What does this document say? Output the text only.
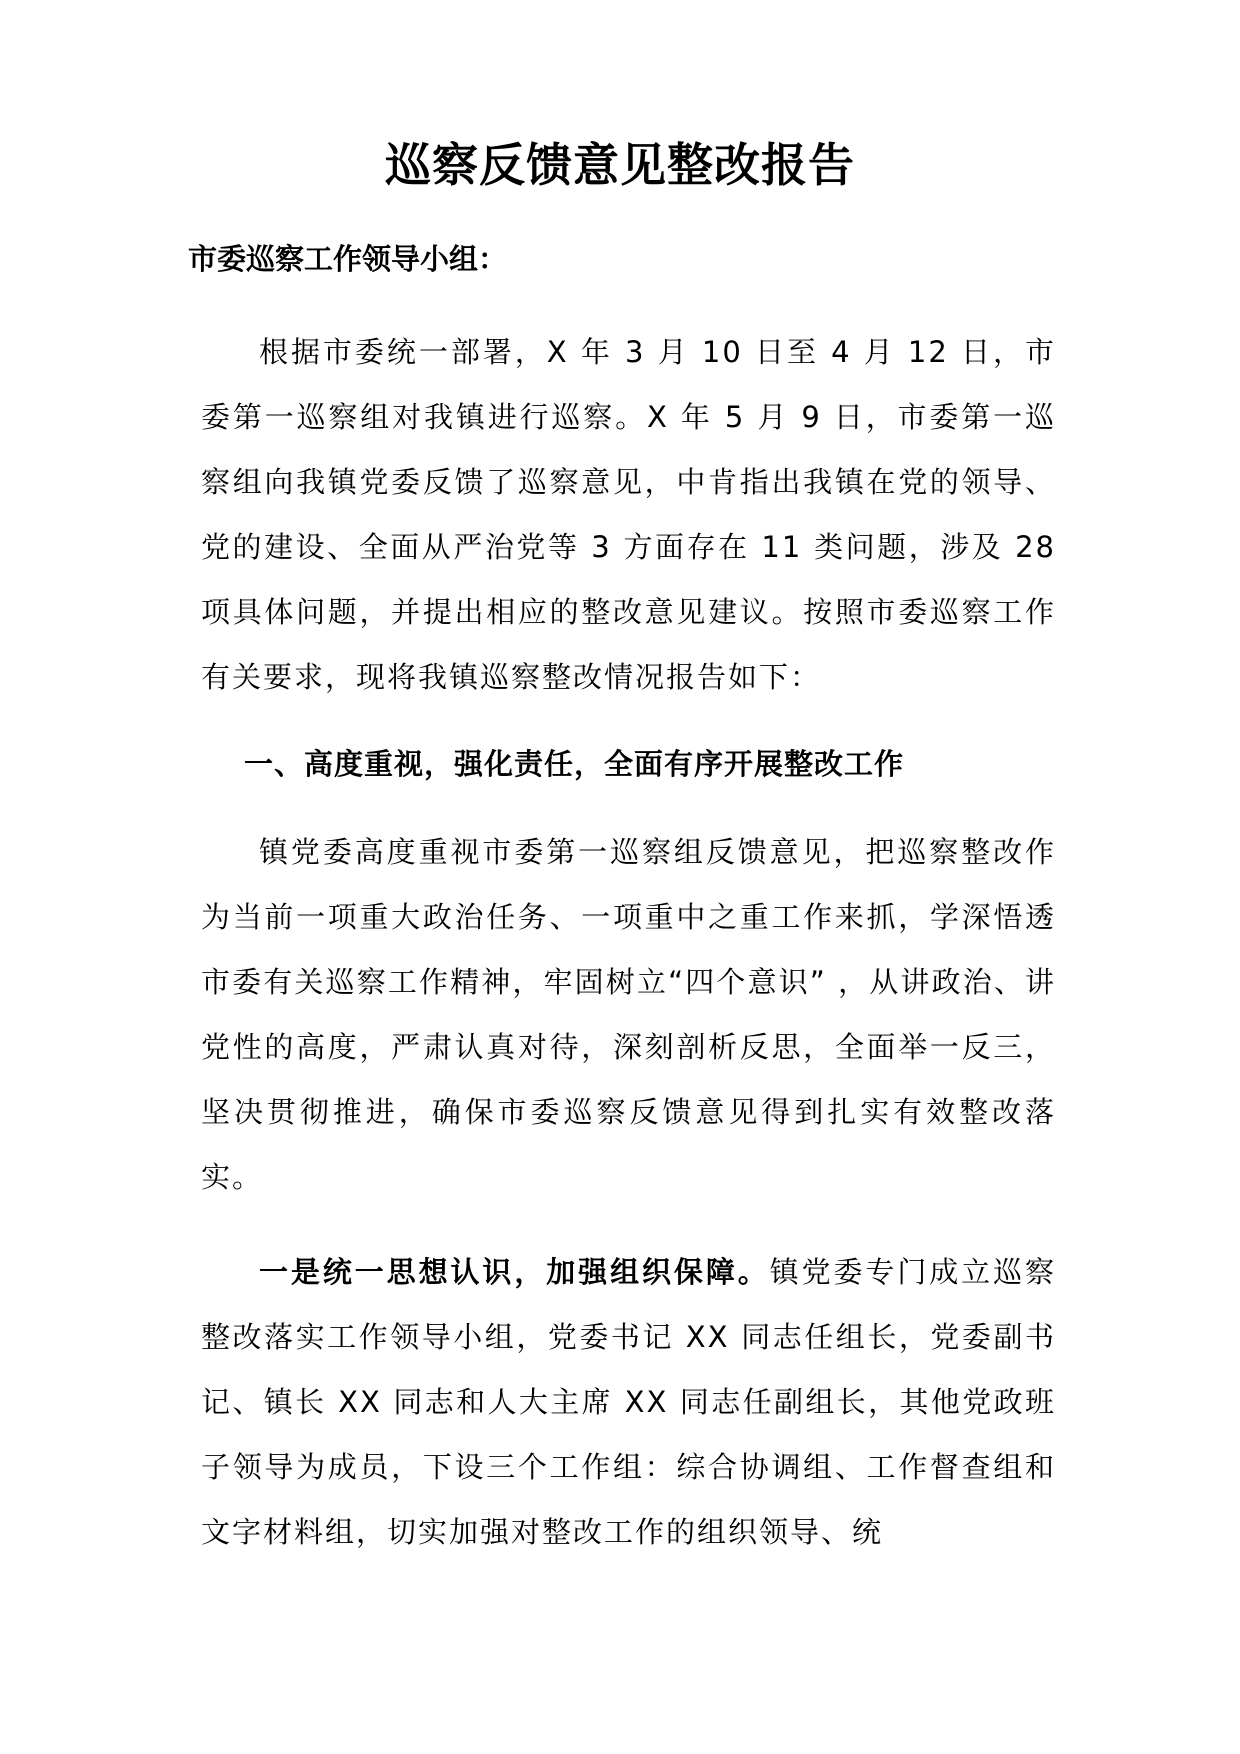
巡察反馈意见整改报告
市委巡察工作领导小组：

根据市委统一部署，X 年 3 月 10 日至 4 月 12 日，市委第一巡察组对我镇进行巡察。X 年 5 月 9 日，市委第一巡察组向我镇党委反馈了巡察意见，中肯指出我镇在党的领导、党的建设、全面从严治党等 3 方面存在 11 类问题，涉及 28 项具体问题，并提出相应的整改意见建议。按照市委巡察工作有关要求，现将我镇巡察整改情况报告如下：

一、高度重视，强化责任，全面有序开展整改工作

镇党委高度重视市委第一巡察组反馈意见，把巡察整改作为当前一项重大政治任务、一项重中之重工作来抓，学深悟透市委有关巡察工作精神，牢固树立“四个意识” ，从讲政治、讲党性的高度，严肃认真对待，深刻剖析反思，全面举一反三，坚决贯彻推进，确保市委巡察反馈意见得到扎实有效整改落实。

一是统一思想认识，加强组织保障。镇党委专门成立巡察整改落实工作领导小组，党委书记 XX 同志任组长，党委副书记、镇长 XX 同志和人大主席 XX 同志任副组长，其他党政班子领导为成员，下设三个工作组：综合协调组、工作督查组和文字材料组，切实加强对整改工作的组织领导、统
